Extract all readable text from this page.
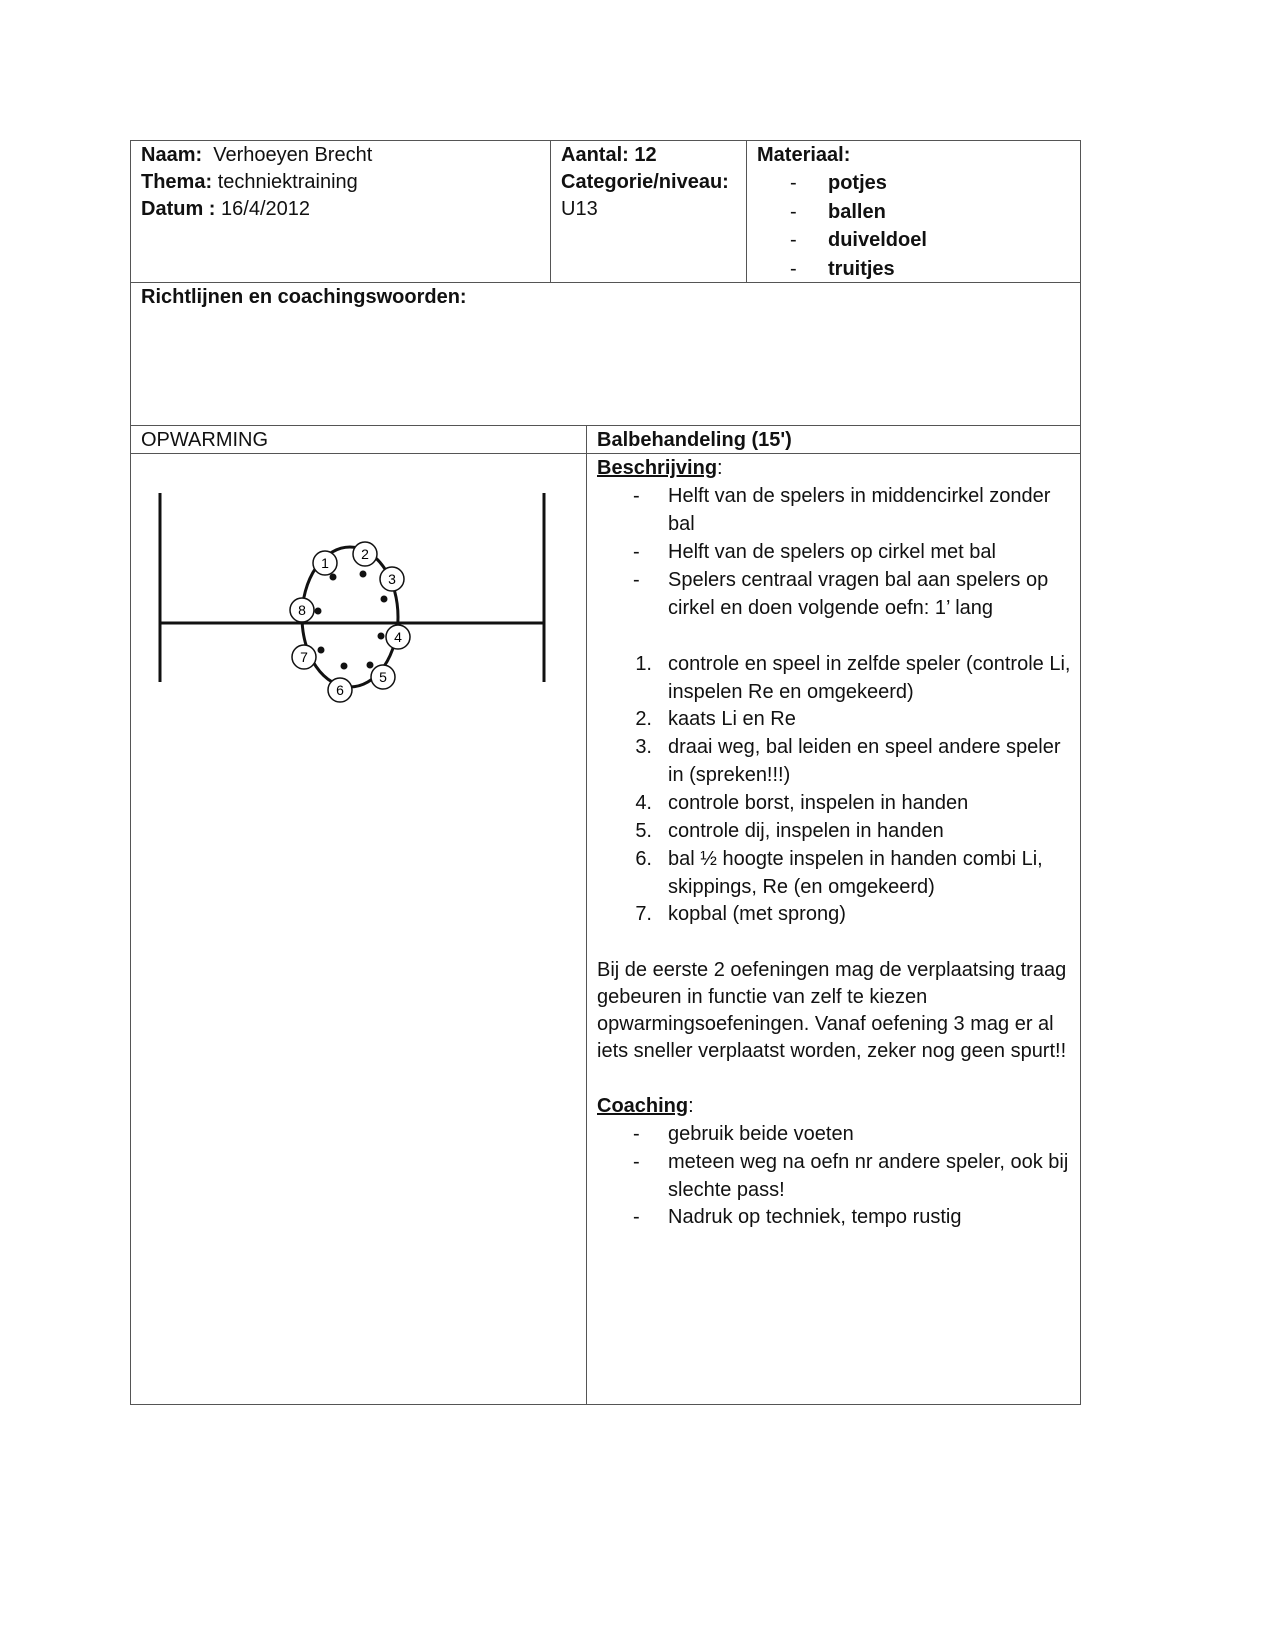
Naam: Verhoeyen Brecht
Thema: techniektraining
Datum : 16/4/2012
Aantal: 12
Categorie/niveau:
U13
Materiaal:
- potjes
- ballen
- duiveldoel
- truitjes
Richtlijnen en coachingswoorden:
OPWARMING	Balbehandeling (15')
1
2
3
4
5
6
7
8
Beschrijving:
- Helft van de spelers in middencirkel zonder bal
- Helft van de spelers op cirkel met bal
- Spelers centraal vragen bal aan spelers op cirkel en doen volgende oefn: 1’ lang
1. controle en speel in zelfde speler (controle Li, inspelen Re en omgekeerd)
2. kaats Li en Re
3. draai weg, bal leiden en speel andere speler in (spreken!!!)
4. controle borst, inspelen in handen
5. controle dij, inspelen in handen
6. bal ½ hoogte inspelen in handen combi Li, skippings, Re (en omgekeerd)
7. kopbal (met sprong)
Bij de eerste 2 oefeningen mag de verplaatsing traag
gebeuren in functie van zelf te kiezen
opwarmingsoefeningen. Vanaf oefening 3 mag er al
iets sneller verplaatst worden, zeker nog geen spurt!!
Coaching:
- gebruik beide voeten
- meteen weg na oefn nr andere speler, ook bij slechte pass!
- Nadruk op techniek, tempo rustig
